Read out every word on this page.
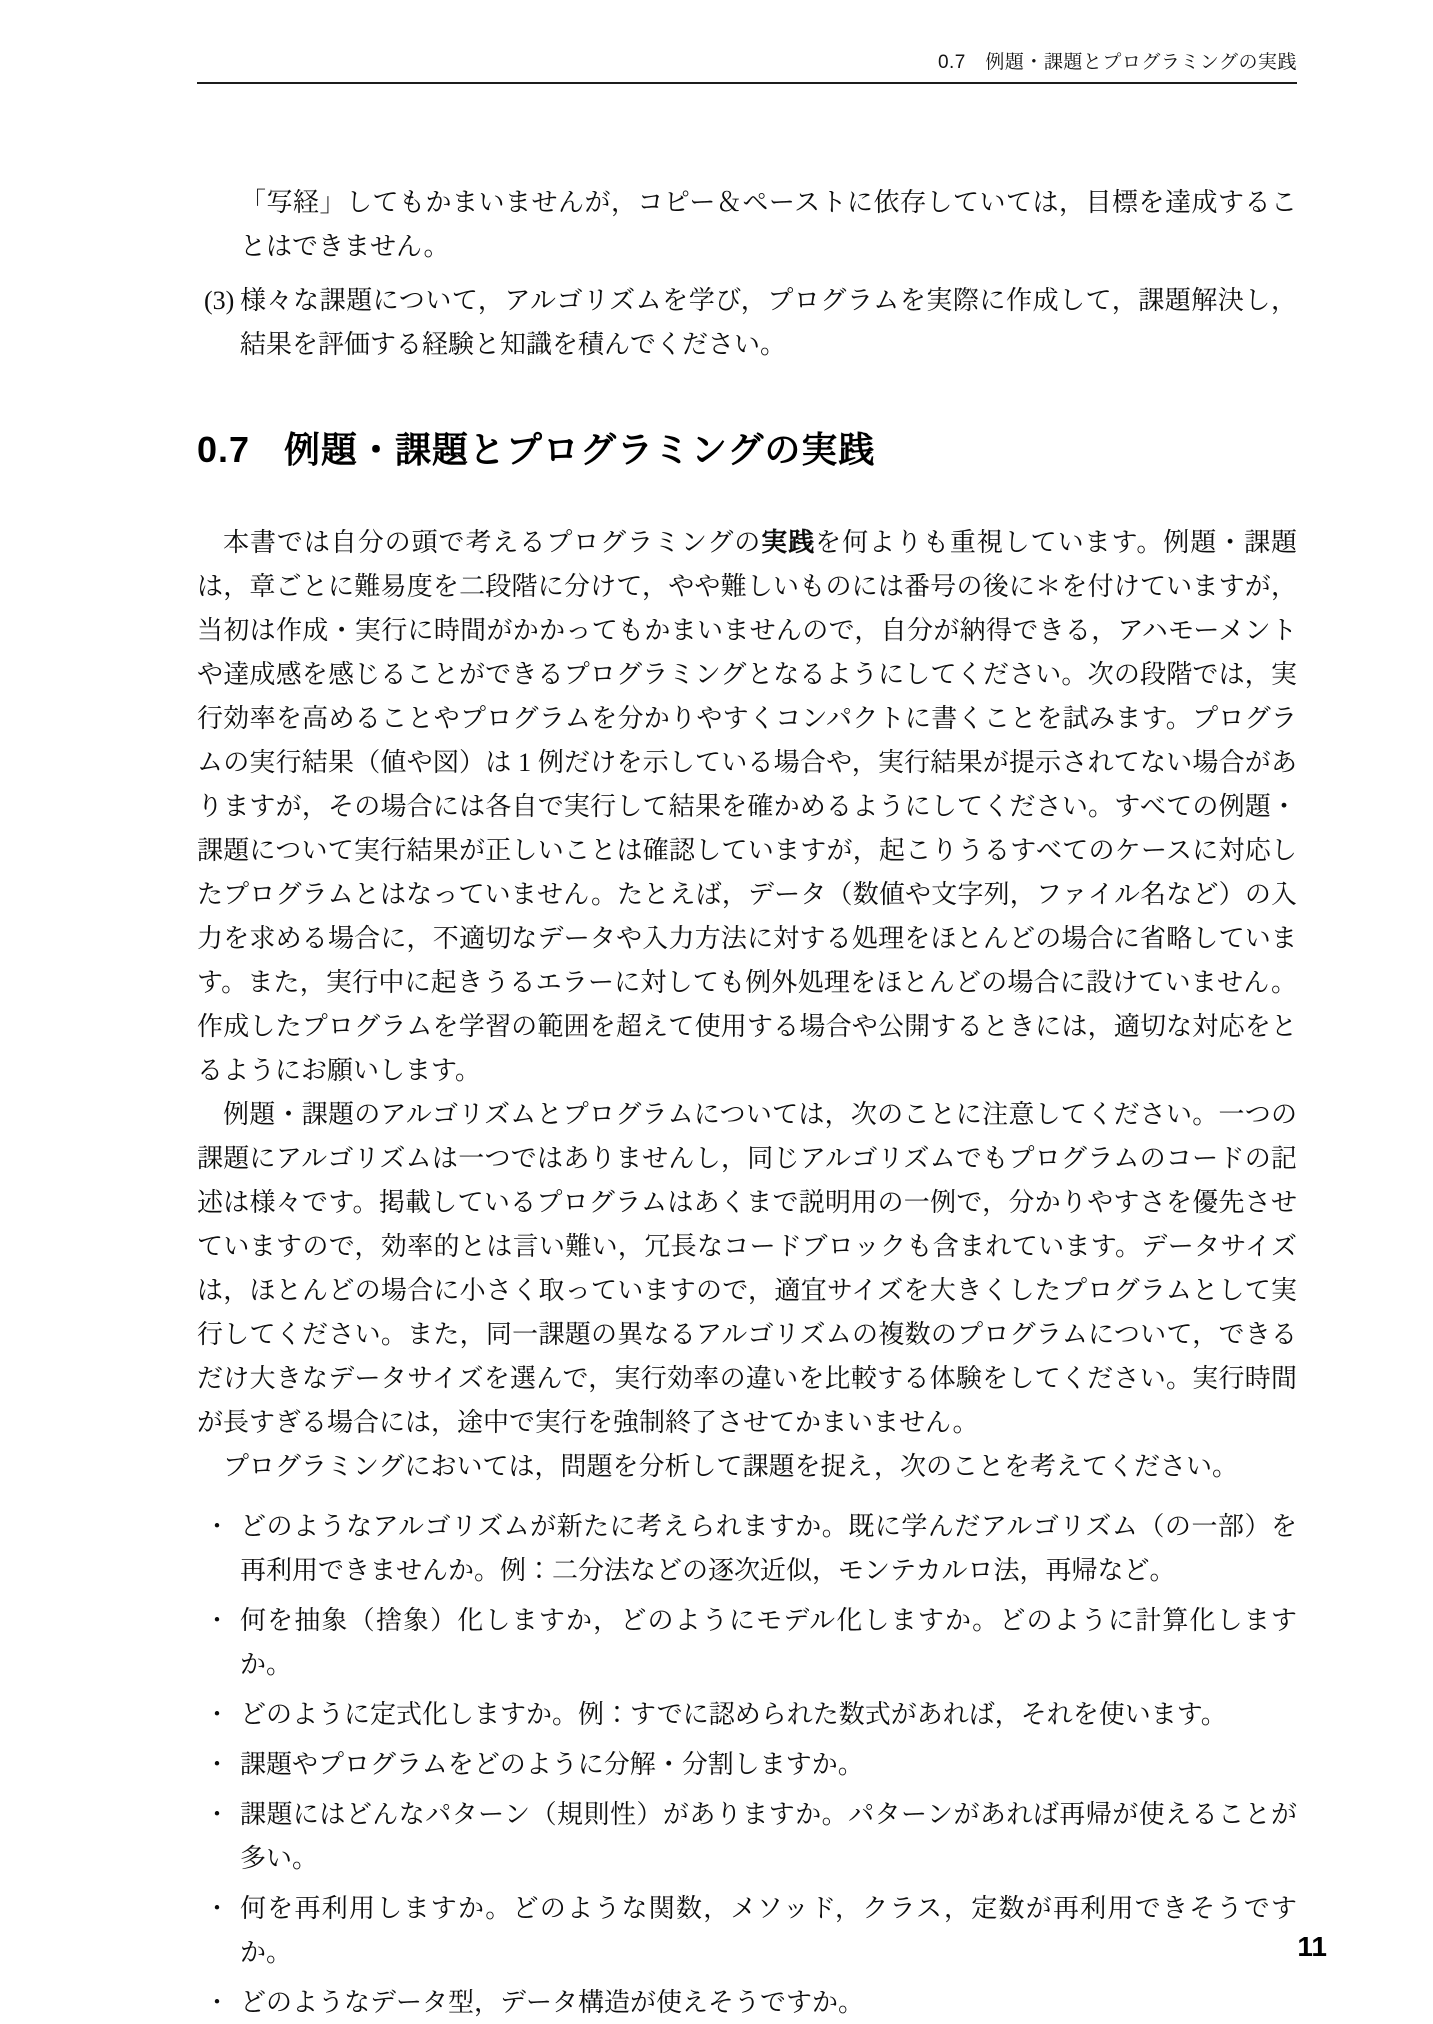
0.7　例題・課題とプログラミングの実践
「写経」してもかまいませんが，コピー＆ペーストに依存していては，目標を達成することはできません。
(3) 様々な課題について，アルゴリズムを学び，プログラムを実際に作成して，課題解決し，結果を評価する経験と知識を積んでください。
0.7 例題・課題とプログラミングの実践

本書では自分の頭で考えるプログラミングの実践を何よりも重視しています。例題・課題は，章ごとに難易度を二段階に分けて，やや難しいものには番号の後に＊を付けていますが，当初は作成・実行に時間がかかってもかまいませんので，自分が納得できる，アハモーメントや達成感を感じることができるプログラミングとなるようにしてください。次の段階では，実行効率を高めることやプログラムを分かりやすくコンパクトに書くことを試みます。プログラムの実行結果（値や図）は 1 例だけを示している場合や，実行結果が提示されてない場合がありますが，その場合には各自で実行して結果を確かめるようにしてください。すべての例題・課題について実行結果が正しいことは確認していますが，起こりうるすべてのケースに対応したプログラムとはなっていません。たとえば，データ（数値や文字列，ファイル名など）の入力を求める場合に，不適切なデータや入力方法に対する処理をほとんどの場合に省略しています。また，実行中に起きうるエラーに対しても例外処理をほとんどの場合に設けていません。作成したプログラムを学習の範囲を超えて使用する場合や公開するときには，適切な対応をとるようにお願いします。

例題・課題のアルゴリズムとプログラムについては，次のことに注意してください。一つの課題にアルゴリズムは一つではありませんし，同じアルゴリズムでもプログラムのコードの記述は様々です。掲載しているプログラムはあくまで説明用の一例で，分かりやすさを優先させていますので，効率的とは言い難い，冗長なコードブロックも含まれています。データサイズは，ほとんどの場合に小さく取っていますので，適宜サイズを大きくしたプログラムとして実行してください。また，同一課題の異なるアルゴリズムの複数のプログラムについて，できるだけ大きなデータサイズを選んで，実行効率の違いを比較する体験をしてください。実行時間が長すぎる場合には，途中で実行を強制終了させてかまいません。

プログラミングにおいては，問題を分析して課題を捉え，次のことを考えてください。

・ どのようなアルゴリズムが新たに考えられますか。既に学んだアルゴリズム（の一部）を再利用できませんか。例：二分法などの逐次近似，モンテカルロ法，再帰など。
・ 何を抽象（捨象）化しますか，どのようにモデル化しますか。どのように計算化しますか。
・ どのように定式化しますか。例：すでに認められた数式があれば，それを使います。
・ 課題やプログラムをどのように分解・分割しますか。
・ 課題にはどんなパターン（規則性）がありますか。パターンがあれば再帰が使えることが多い。
・ 何を再利用しますか。どのような関数，メソッド，クラス，定数が再利用できそうですか。
・ どのようなデータ型，データ構造が使えそうですか。
11
